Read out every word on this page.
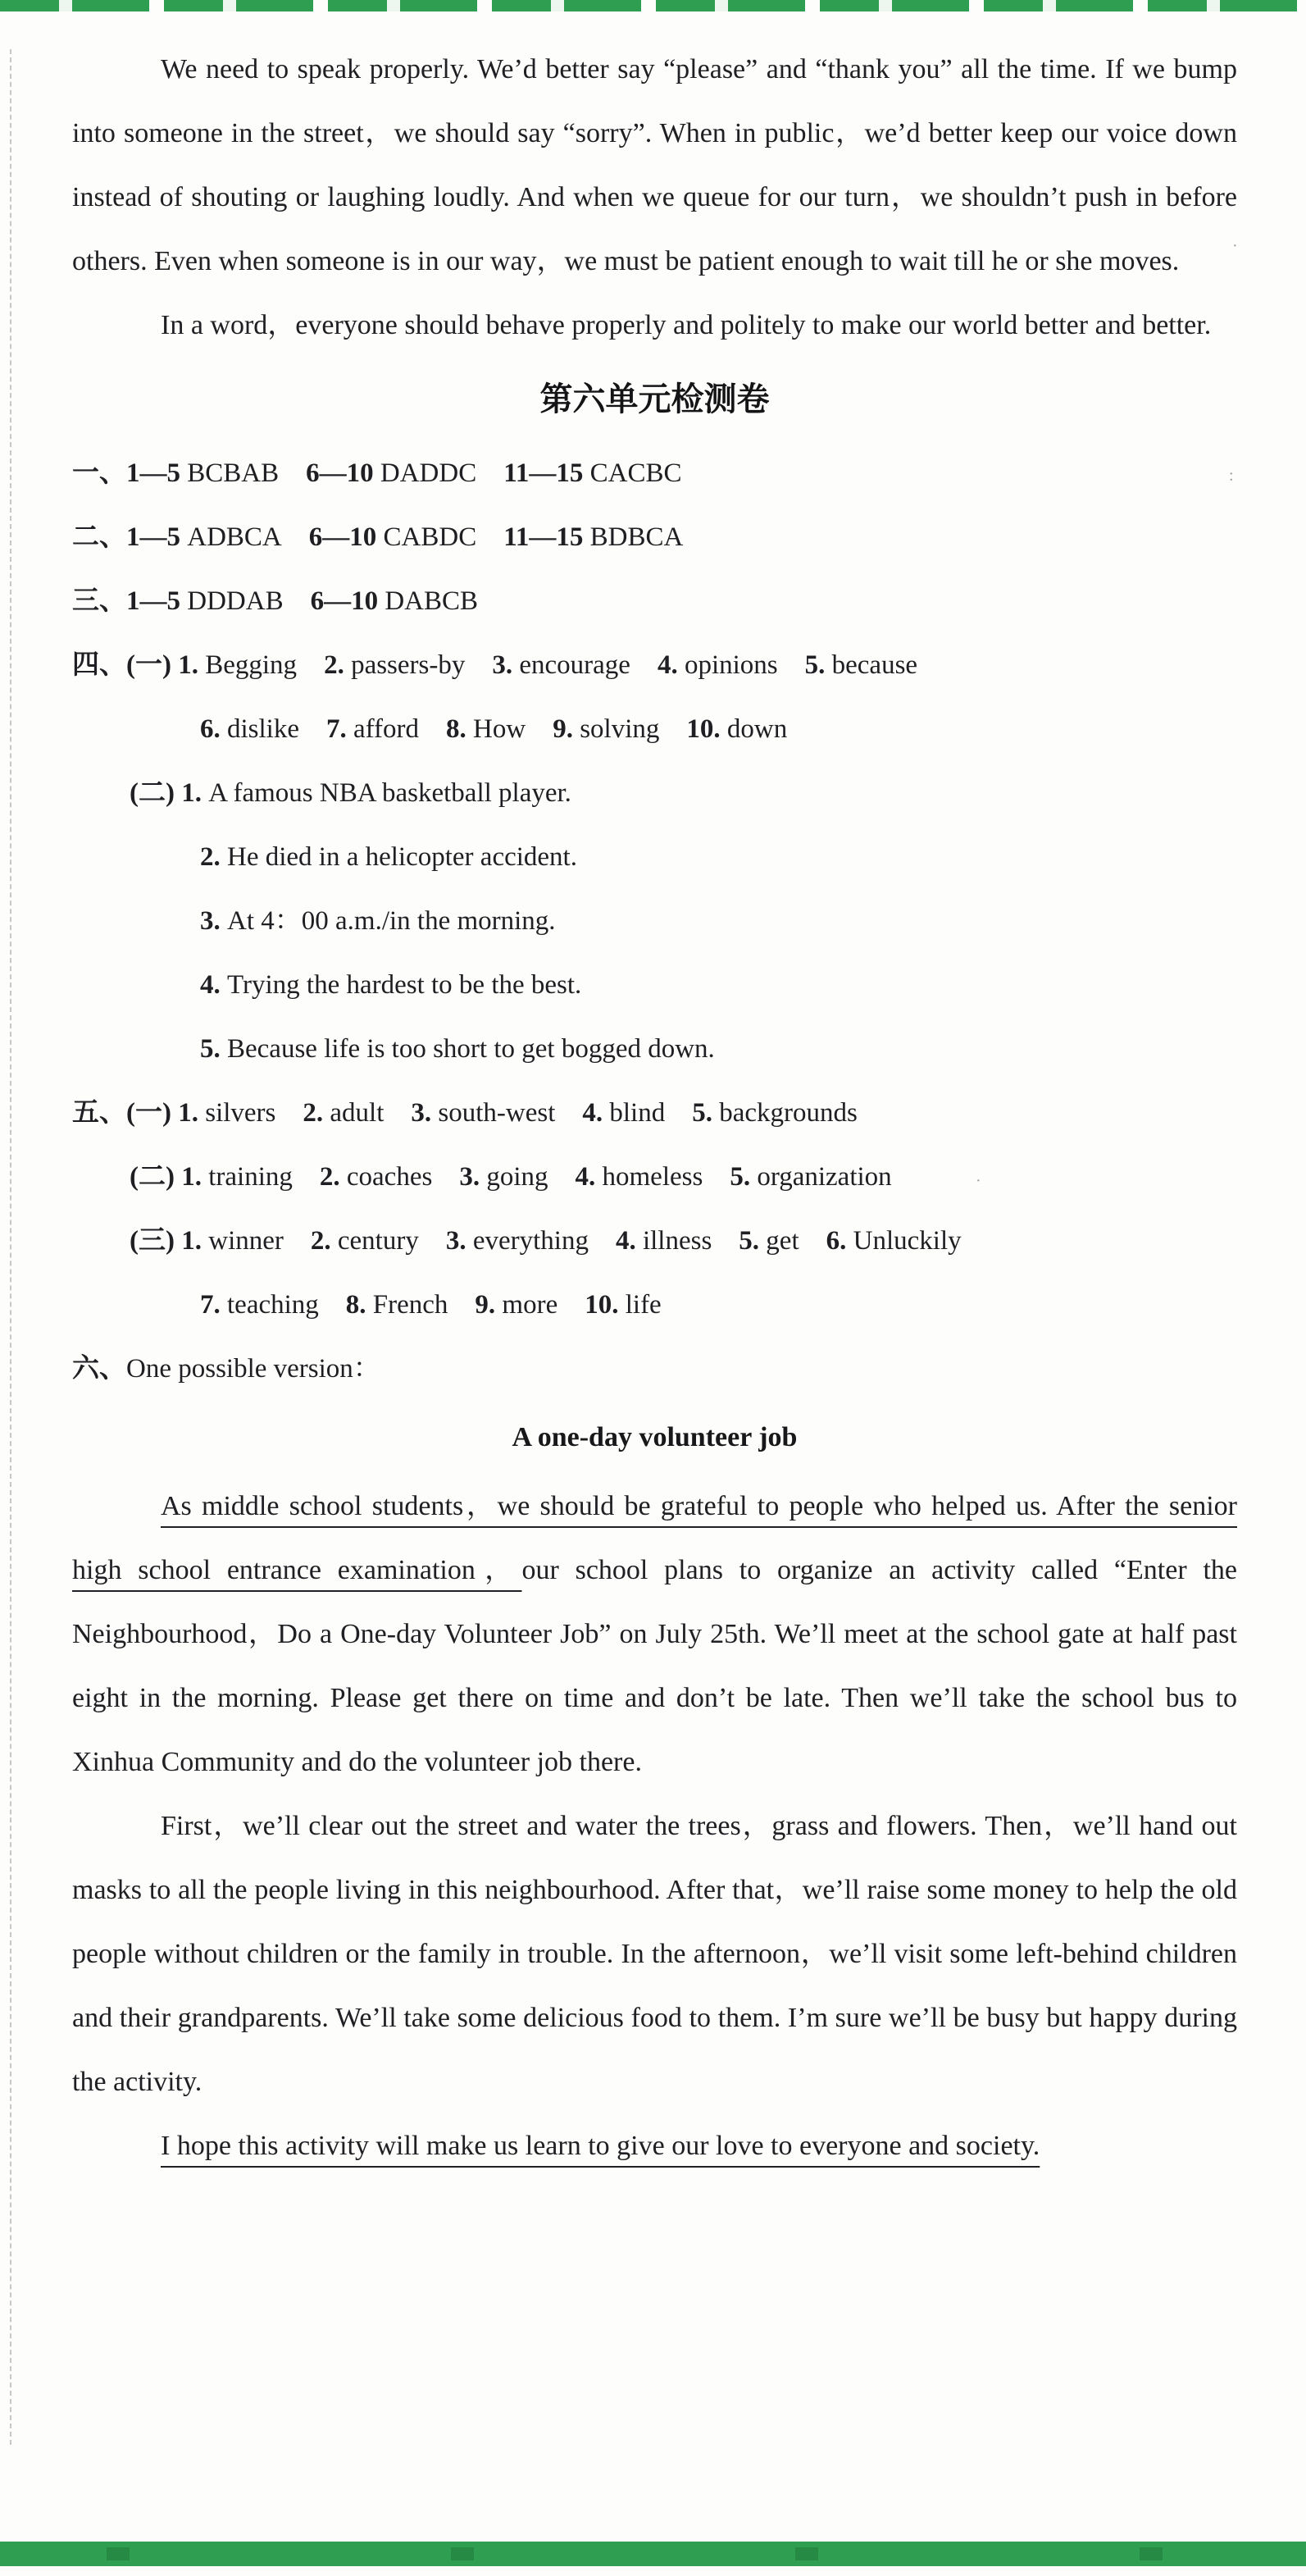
·
:
·

We need to speak properly. We’d better say “please” and “thank you” all the time. If we bump into someone in the street，we should say “sorry”. When in public，we’d better keep our voice down instead of shouting or laughing loudly. And when we queue for our turn，we shouldn’t push in before others. Even when someone is in our way，we must be patient enough to wait till he or she moves.

In a word，everyone should behave properly and politely to make our world better and better.

第六单元检测卷
一、1—5 BCBAB　6—10 DADDC　11—15 CACBC
二、1—5 ADBCA　6—10 CABDC　11—15 BDBCA
三、1—5 DDDAB　6—10 DABCB
四、(一) 1. Begging　2. passers-by　3. encourage　4. opinions　5. because
6. dislike　7. afford　8. How　9. solving　10. down
(二) 1. A famous NBA basketball player.
2. He died in a helicopter accident.
3. At 4：00 a.m./in the morning.
4. Trying the hardest to be the best.
5. Because life is too short to get bogged down.
五、(一) 1. silvers　2. adult　3. south-west　4. blind　5. backgrounds
(二) 1. training　2. coaches　3. going　4. homeless　5. organization
(三) 1. winner　2. century　3. everything　4. illness　5. get　6. Unluckily
7. teaching　8. French　9. more　10. life
六、One possible version：
A one-day volunteer job

As middle school students，we should be grateful to people who helped us. After the senior high school entrance examination，our school plans to organize an activity called “Enter the Neighbourhood，Do a One-day Volunteer Job” on July 25th. We’ll meet at the school gate at half past eight in the morning. Please get there on time and don’t be late. Then we’ll take the school bus to Xinhua Community and do the volunteer job there.

First，we’ll clear out the street and water the trees，grass and flowers. Then，we’ll hand out masks to all the people living in this neighbourhood. After that，we’ll raise some money to help the old people without children or the family in trouble. In the afternoon，we’ll visit some left-behind children and their grandparents. We’ll take some delicious food to them. I’m sure we’ll be busy but happy during the activity.

I hope this activity will make us learn to give our love to everyone and society.
